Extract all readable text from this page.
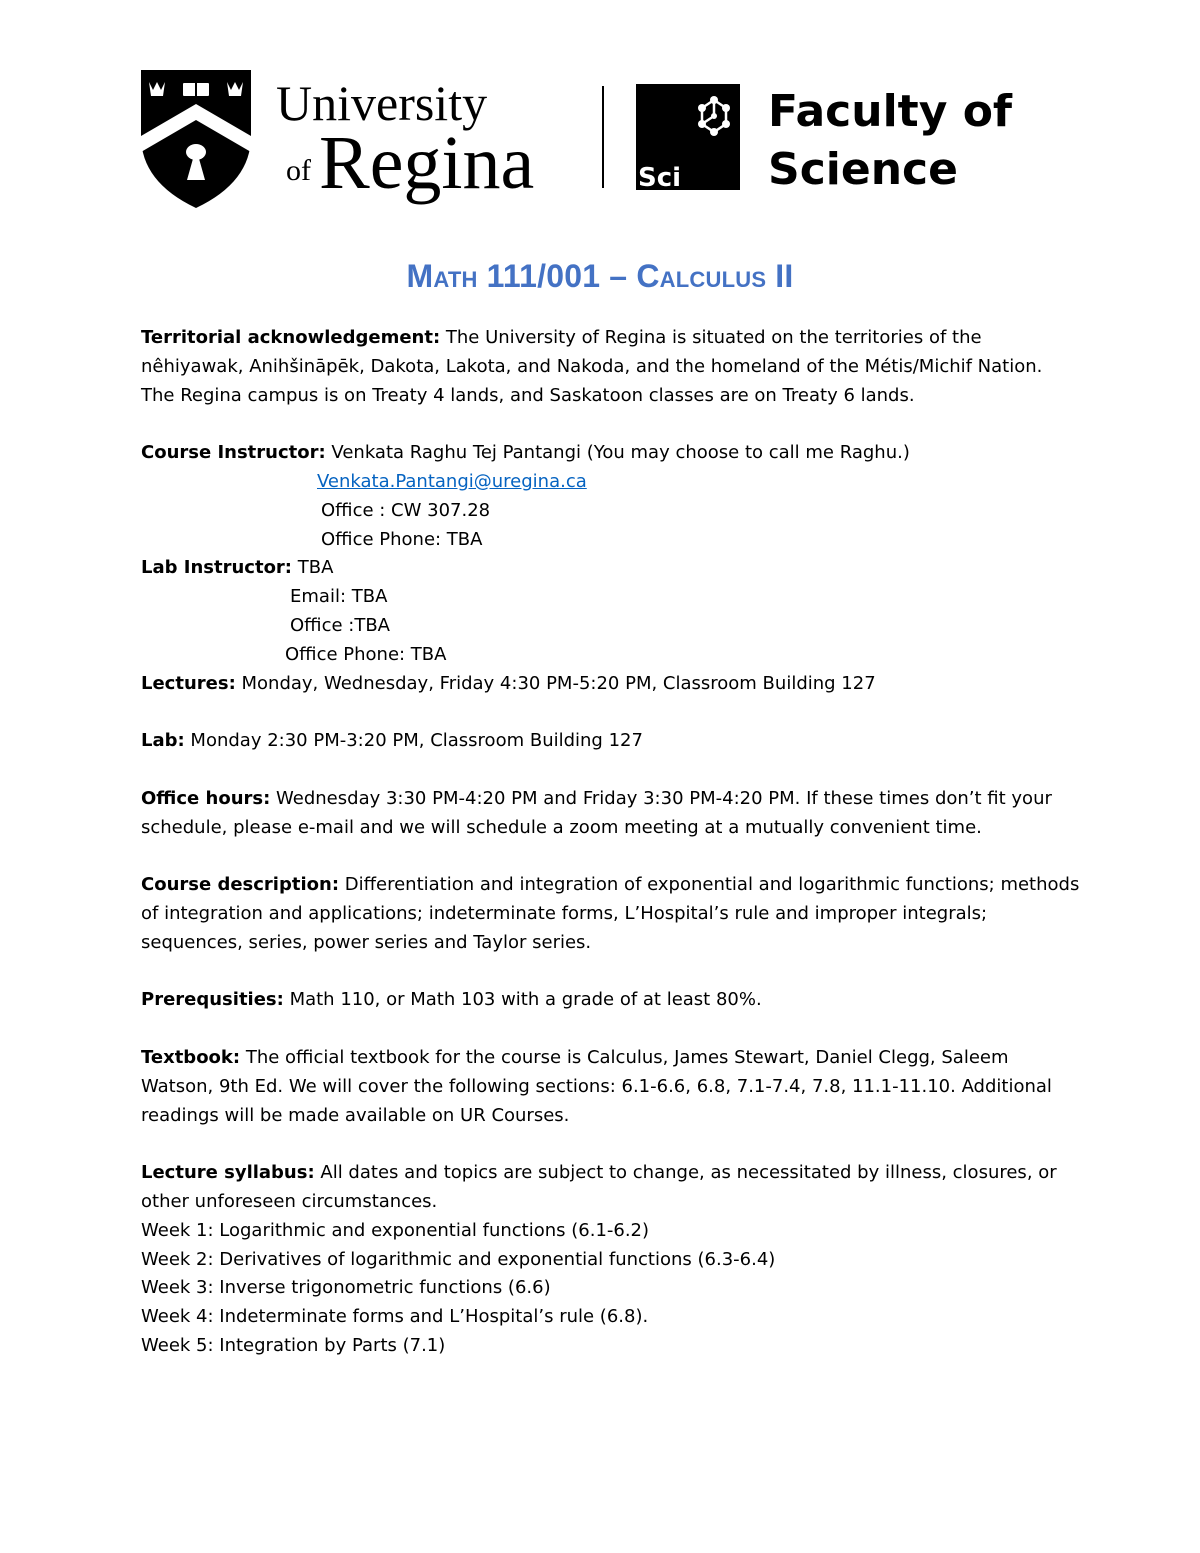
University
of Regina	Sci
Faculty of
Science
Math 111/001 – Calculus II

Territorial acknowledgement: The University of Regina is situated on the territories of the nêhiyawak, Anihšināpēk, Dakota, Lakota, and Nakoda, and the homeland of the Métis/Michif Nation. The Regina campus is on Treaty 4 lands, and Saskatoon classes are on Treaty 6 lands.

Course Instructor: Venkata Raghu Tej Pantangi (You may choose to call me Raghu.)

Venkata.Pantangi@uregina.ca

Office : CW 307.28

Office Phone: TBA

Lab Instructor: TBA

Email: TBA

Office :TBA

Office Phone: TBA

Lectures: Monday, Wednesday, Friday 4:30 PM-5:20 PM, Classroom Building 127

Lab: Monday 2:30 PM-3:20 PM, Classroom Building 127

Office hours: Wednesday 3:30 PM-4:20 PM and Friday 3:30 PM-4:20 PM. If these times don’t fit your schedule, please e-mail and we will schedule a zoom meeting at a mutually convenient time.

Course description: Differentiation and integration of exponential and logarithmic functions; methods of integration and applications; indeterminate forms, L’Hospital’s rule and improper integrals; sequences, series, power series and Taylor series.

Prerequsities: Math 110, or Math 103 with a grade of at least 80%.

Textbook: The official textbook for the course is Calculus, James Stewart, Daniel Clegg, Saleem Watson, 9th Ed. We will cover the following sections: 6.1-6.6, 6.8, 7.1-7.4, 7.8, 11.1-11.10. Additional readings will be made available on UR Courses.

Lecture syllabus: All dates and topics are subject to change, as necessitated by illness, closures, or other unforeseen circumstances.

Week 1: Logarithmic and exponential functions (6.1-6.2)

Week 2: Derivatives of logarithmic and exponential functions (6.3-6.4)

Week 3: Inverse trigonometric functions (6.6)

Week 4: Indeterminate forms and L’Hospital’s rule (6.8).

Week 5: Integration by Parts (7.1)
